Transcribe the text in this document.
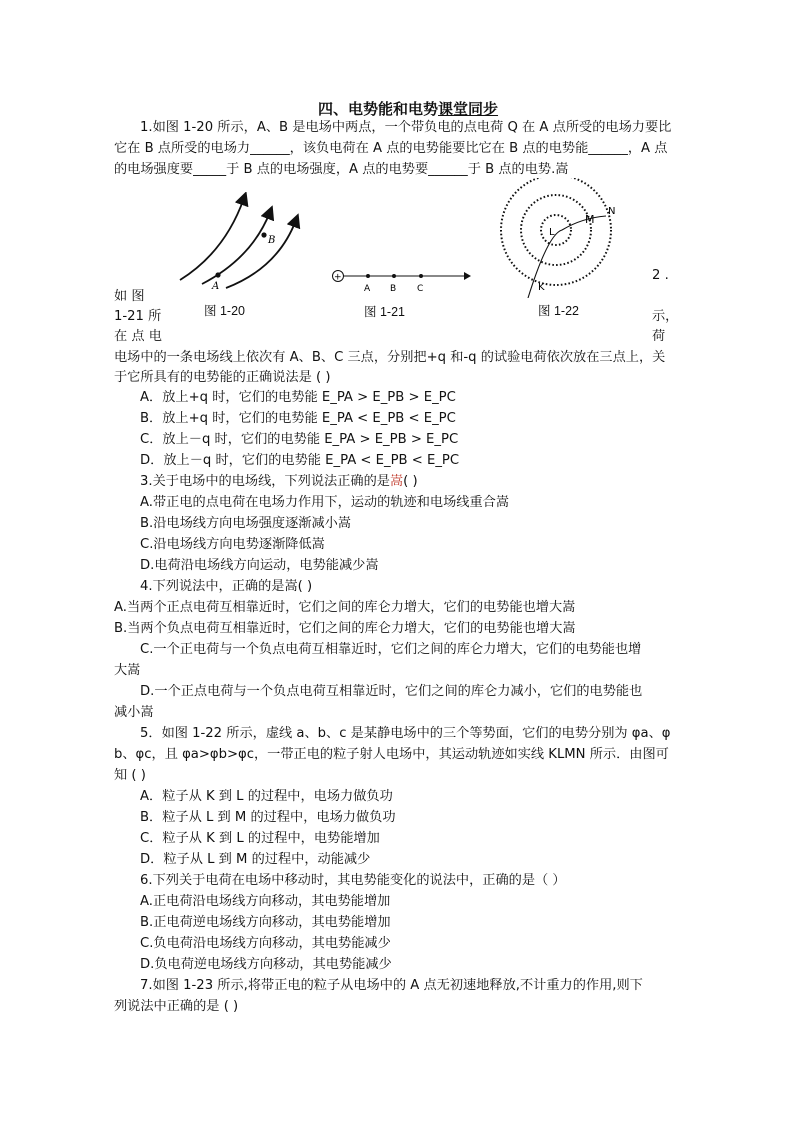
四、电势能和电势课堂同步
1.如图 1-20 所示，A、B 是电场中两点，一个带负电的点电荷 Q 在 A 点所受的电场力要比
它在 B 点所受的电场力______，该负电荷在 A 点的电势能要比它在 B 点的电势能______，A 点
的电场强度要_____于 B 点的电场强度，A 点的电势要______于 B 点的电势.嵩
A
B
图 1-20
+
A B C
图 1-21
L
M
N
K
图 1-22
2 .
如 图
1-21 所	示，
在 点 电	荷
电场中的一条电场线上依次有 A、B、C 三点，分别把+q 和-q 的试验电荷依次放在三点上，关
于它所具有的电势能的正确说法是 ( )
A．放上+q 时，它们的电势能 E_PA > E_PB > E_PC
B．放上+q 时，它们的电势能 E_PA < E_PB < E_PC
C．放上－q 时，它们的电势能 E_PA > E_PB > E_PC
D．放上－q 时，它们的电势能 E_PA < E_PB < E_PC
3.关于电场中的电场线，下列说法正确的是嵩( )
A.带正电的点电荷在电场力作用下，运动的轨迹和电场线重合嵩
B.沿电场线方向电场强度逐渐减小嵩
C.沿电场线方向电势逐渐降低嵩
D.电荷沿电场线方向运动，电势能减少嵩
4.下列说法中，正确的是嵩( )
A.当两个正点电荷互相靠近时，它们之间的库仑力增大，它们的电势能也增大嵩
B.当两个负点电荷互相靠近时，它们之间的库仑力增大，它们的电势能也增大嵩
C.一个正电荷与一个负点电荷互相靠近时，它们之间的库仑力增大，它们的电势能也增
大嵩
D.一个正点电荷与一个负点电荷互相靠近时，它们之间的库仑力减小，它们的电势能也
减小嵩
5．如图 1-22 所示，虚线 a、b、c 是某静电场中的三个等势面，它们的电势分别为 φa、φ
b、φc，且 φa>φb>φc，一带正电的粒子射人电场中，其运动轨迹如实线 KLMN 所示．由图可
知 ( )
A．粒子从 K 到 L 的过程中，电场力做负功
B．粒子从 L 到 M 的过程中，电场力做负功
C．粒子从 K 到 L 的过程中，电势能增加
D．粒子从 L 到 M 的过程中，动能减少
6.下列关于电荷在电场中移动时，其电势能变化的说法中，正确的是（ ）
A.正电荷沿电场线方向移动，其电势能增加
B.正电荷逆电场线方向移动，其电势能增加
C.负电荷沿电场线方向移动，其电势能减少
D.负电荷逆电场线方向移动，其电势能减少
7.如图 1-23 所示,将带正电的粒子从电场中的 A 点无初速地释放,不计重力的作用,则下
列说法中正确的是 ( )
